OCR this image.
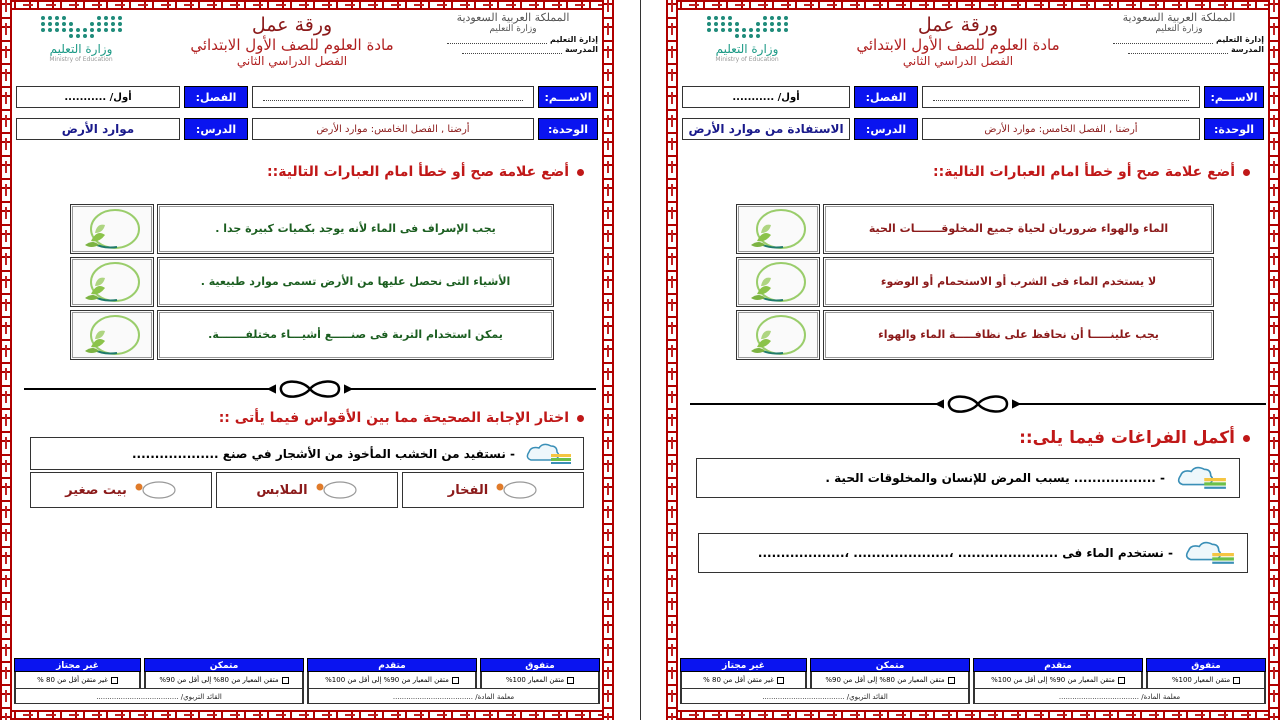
المملكة العربية السعودية
وزارة التعليم
إدارة التعليم
المدرسة
ورقة عمل
مادة العلوم للصف الأول الابتدائي
الفصل الدراسي الثاني
وزارة التعليم
Ministry of Education
الاســـم:
الفصل:
أول/ ...........
الوحدة:
أرضنا , الفصل الخامس: موارد الأرض
الدرس:
موارد الأرض
أضع علامة صح أو خطأ امام العبارات التالية::
يجب الإسراف فى الماء لأنه يوجد بكميات كبيرة جدا .
الأشياء التى نحصل عليها من الأرض تسمى موارد طبيعية .
يمكن استخدام التربة فى صنـــــع أشيـــاء مختلفـــــــة.
اختار الإجابة الصحيحة مما بين الأقواس فيما يأتى ::
- نستفيد من الخشب المأخوذ من الأشجار في صنع ...................
الفخار
الملابس
بيت صغير
متفوق
متقدم
متمكن
غير مجتاز
متقن المعيار 100%
متقن المعيار من 90% إلى أقل من 100%
متقن المعيار من 80% إلى أقل من 90%
غير متقن أقل من 80 %
معلمة المادة/ ....................................
القائد التربوي/ .....................................
المملكة العربية السعودية
وزارة التعليم
إدارة التعليم
المدرسة
ورقة عمل
مادة العلوم للصف الأول الابتدائي
الفصل الدراسي الثاني
وزارة التعليم
Ministry of Education
الاســـم:
الفصل:
أول/ ...........
الوحدة:
أرضنا , الفصل الخامس: موارد الأرض
الدرس:
الاستفادة من موارد الأرض
أضع علامة صح أو خطأ امام العبارات التالية::
الماء والهواء ضروريان لحياة جميع المخلوقـــــــات الحية
لا يستخدم الماء فى الشرب أو الاستحمام أو الوضوء
يجب علينـــــا أن نحافظ على نظافـــــة الماء والهواء
أكمل الفراغات فيما يلى::
- .................. يسبب المرض للإنسان والمخلوقات الحية .
- نستخدم الماء فى ...................... ،..................... ،...................
متفوق
متقدم
متمكن
غير مجتاز
متقن المعيار 100%
متقن المعيار من 90% إلى أقل من 100%
متقن المعيار من 80% إلى أقل من 90%
غير متقن أقل من 80 %
معلمة المادة/ ....................................
القائد التربوي/ .....................................
